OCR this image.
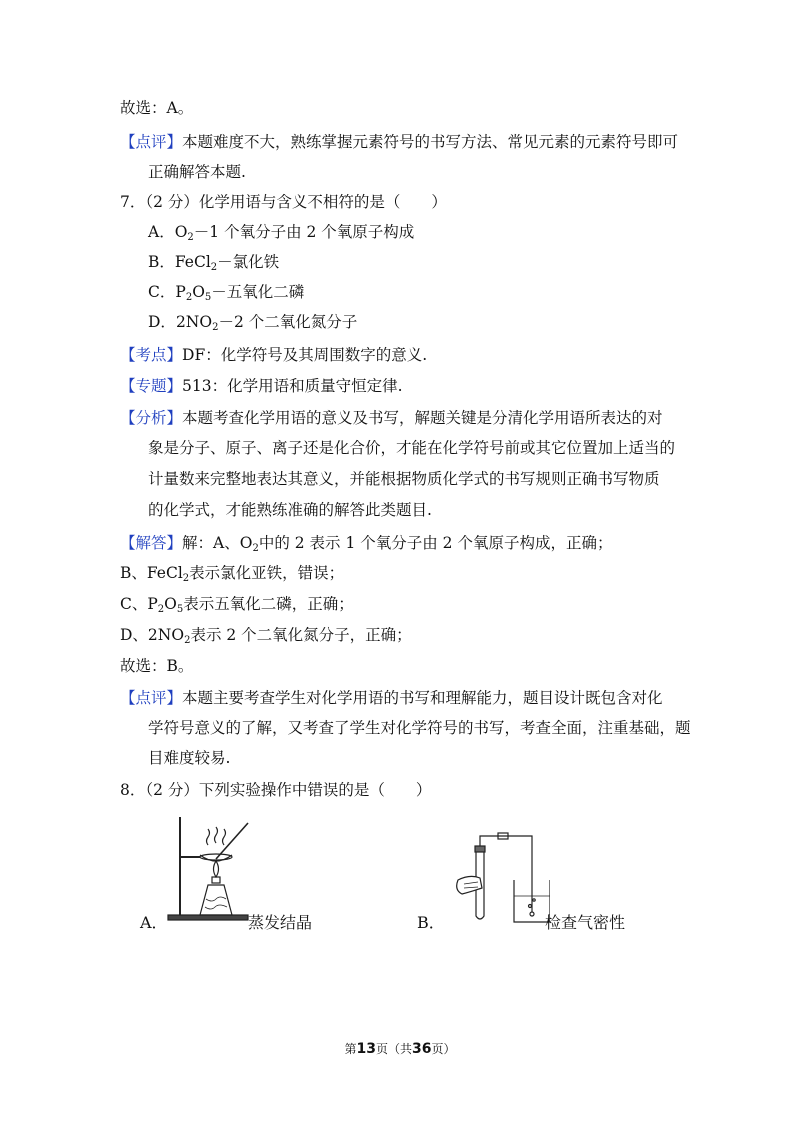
故选：A。
【点评】本题难度不大，熟练掌握元素符号的书写方法、常见元素的元素符号即可
正确解答本题.
7．（2 分）化学用语与含义不相符的是（　　）
A．$O_2-1$ 个氧分子由 2 个氧原子构成
B．FeCl$_2$－氯化铁
C．$P_2O_5-$五氧化二磷
D．$2NO_2-2$ 个二氧化氮分子
【考点】DF：化学符号及其周围数字的意义.
【专题】513：化学用语和质量守恒定律.
【分析】本题考查化学用语的意义及书写，解题关键是分清化学用语所表达的对
象是分子、原子、离子还是化合价，才能在化学符号前或其它位置加上适当的
计量数来完整地表达其意义，并能根据物质化学式的书写规则正确书写物质
的化学式，才能熟练准确的解答此类题目.
【解答】解：A、$O_2$中的 2 表示 1 个氧分子由 2 个氧原子构成，正确；
B、FeCl$_2$表示氯化亚铁，错误；
C、$P_2O_5$表示五氧化二磷，正确；
D、$2NO_2$表示 2 个二氧化氮分子，正确；
故选：B。
【点评】本题主要考查学生对化学用语的书写和理解能力，题目设计既包含对化
学符号意义的了解，又考查了学生对化学符号的书写，考查全面，注重基础，题
目难度较易.
8．（2 分）下列实验操作中错误的是（　　）
A．	蒸发结晶	B．	检查气密性
第13页（共36页）
